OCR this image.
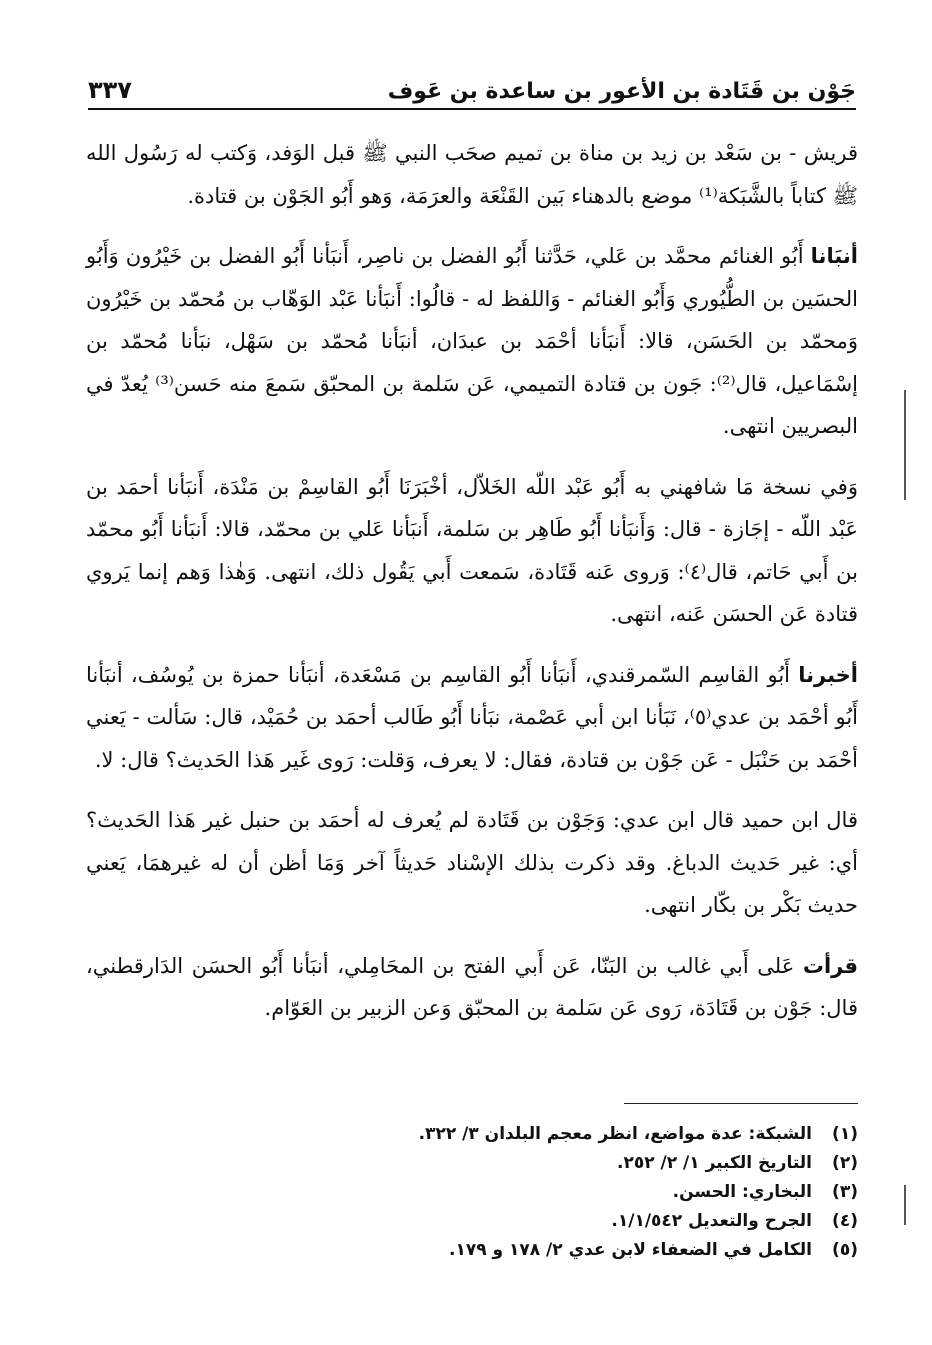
جَوْن بن قَتَادة بن الأعور بن ساعدة بن عَوف
٣٣٧

قريش - بن سَعْد بن زيد بن مناة بن تميم صحَب النبي ﷺ قبل الوَفد، وَكتب له رَسُول الله ﷺ كتاباً بالشَّبَكة⁽¹⁾ موضع بالدهناء بَين القَنْعَة والعرَمَة، وَهو أَبُو الجَوْن بن قتادة.

أنبَانا أَبُو الغنائم محمَّد بن عَلي، حَدَّثنا أَبُو الفضل بن ناصِر، أَنبَأنا أَبُو الفضل بن خَيْرُون وَأَبُو الحسَين بن الطُّيُوري وَأَبُو الغنائم - وَاللفظ له - قالُوا: أَنبَأنا عَبْد الوَهّاب بن مُحمّد بن خَيْرُون وَمحمّد بن الحَسَن، قالا: أَنبَأنا أحْمَد بن عبدَان، أنبَأنا مُحمّد بن سَهْل، نبَأنا مُحمّد بن إسْمَاعيل، قال⁽²⁾: جَون بن قتادة التميمي، عَن سَلمة بن المحبّق سَمعَ منه حَسن⁽³⁾ يُعدّ في البصريين انتهى.

وَفي نسخة مَا شافهني به أَبُو عَبْد اللّه الخَلاّل، أخْبَرَنَا أَبُو القاسِمْ بن مَنْدَة، أَنبَأنا أحمَد بن عَبْد اللّه - إجَازة - قال: وَأَنبَأنا أَبُو طَاهِر بن سَلمة، أَنبَأنا عَلي بن محمّد، قالا: أَنبَأنا أَبُو محمّد بن أَبي حَاتم، قال⁽٤⁾: وَروى عَنه قَتَادة، سَمعت أَبي يَقُول ذلك، انتهى. وَهٰذا وَهم إنما يَروي قتادة عَن الحسَن عَنه، انتهى.

أخبرنا أَبُو القاسِم السّمرقندي، أَنبَأنا أَبُو القاسِم بن مَسْعَدة، أنبَأنا حمزة بن يُوسُف، أنبَأنا أَبُو أحْمَد بن عدي⁽٥⁾، نَبَأنا ابن أبي عَصْمة، نبَأنا أَبُو طَالب أحمَد بن حُمَيْد، قال: سَألت - يَعني أحْمَد بن حَنْبَل - عَن جَوْن بن قتادة، فقال: لا يعرف، وَقلت: رَوى غَير هَذا الحَديث؟ قال: لا.

قال ابن حميد قال ابن عدي: وَجَوْن بن قَتَادة لم يُعرف له أحمَد بن حنبل غير هَذا الحَديث؟ أي: غير حَديث الدباغ. وقد ذكرت بذلك الإسْناد حَديثاً آخر وَمَا أظن أن له غيرهمَا، يَعني حديث بَكْر بن بكّار انتهى.

قرأت عَلى أَبي غالب بن البَنّا، عَن أَبي الفتح بن المحَامِلي، أنبَأنا أَبُو الحسَن الدَارقطني، قال: جَوْن بن قَتَادَة، رَوى عَن سَلمة بن المحبّق وَعن الزبير بن العَوّام.

(١)
الشبكة: عدة مواضع، انظر معجم البلدان ٣/ ٣٢٢.
(٢)
التاريخ الكبير ١/ ٢/ ٢٥٢.
(٣)
البخاري: الحسن.
(٤)
الجرح والتعديل ١/١/٥٤٢.
(٥)
الكامل في الضعفاء لابن عدي ٢/ ١٧٨ و ١٧٩.
